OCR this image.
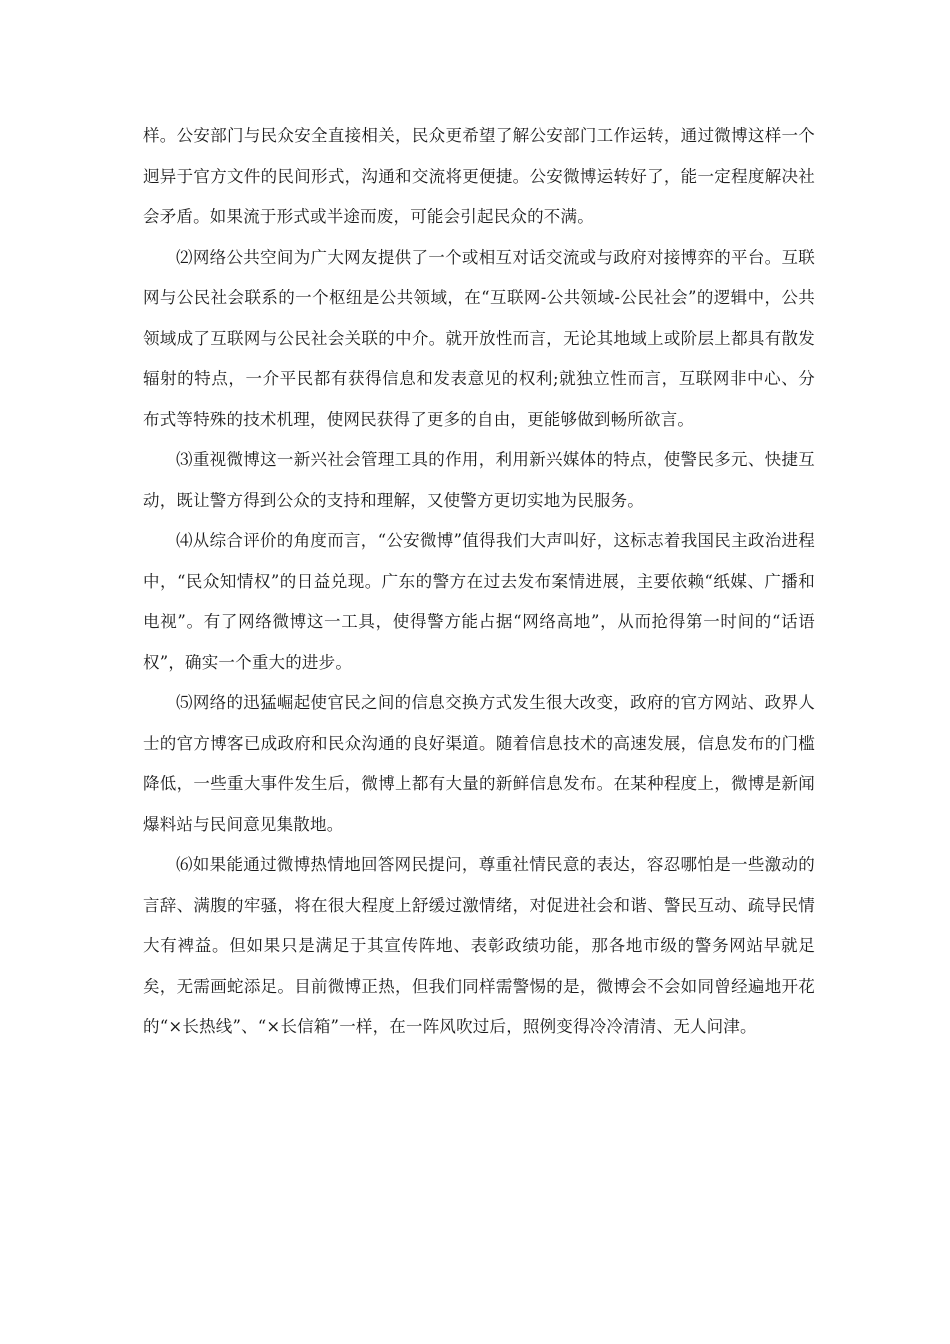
样。公安部门与民众安全直接相关，民众更希望了解公安部门工作运转，通过微博这样一个迥异于官方文件的民间形式，沟通和交流将更便捷。公安微博运转好了，能一定程度解决社会矛盾。如果流于形式或半途而废，可能会引起民众的不满。

⑵网络公共空间为广大网友提供了一个或相互对话交流或与政府对接博弈的平台。互联网与公民社会联系的一个枢纽是公共领域，在“互联网-公共领域-公民社会”的逻辑中，公共领域成了互联网与公民社会关联的中介。就开放性而言，无论其地域上或阶层上都具有散发辐射的特点，一介平民都有获得信息和发表意见的权利;就独立性而言，互联网非中心、分布式等特殊的技术机理，使网民获得了更多的自由，更能够做到畅所欲言。

⑶重视微博这一新兴社会管理工具的作用，利用新兴媒体的特点，使警民多元、快捷互动，既让警方得到公众的支持和理解，又使警方更切实地为民服务。

⑷从综合评价的角度而言，“公安微博”值得我们大声叫好，这标志着我国民主政治进程中，“民众知情权”的日益兑现。广东的警方在过去发布案情进展，主要依赖“纸媒、广播和电视”。有了网络微博这一工具，使得警方能占据“网络高地”，从而抢得第一时间的“话语权”，确实一个重大的进步。

⑸网络的迅猛崛起使官民之间的信息交换方式发生很大改变，政府的官方网站、政界人士的官方博客已成政府和民众沟通的良好渠道。随着信息技术的高速发展，信息发布的门槛降低，一些重大事件发生后，微博上都有大量的新鲜信息发布。在某种程度上，微博是新闻爆料站与民间意见集散地。

⑹如果能通过微博热情地回答网民提问，尊重社情民意的表达，容忍哪怕是一些激动的言辞、满腹的牢骚，将在很大程度上舒缓过激情绪，对促进社会和谐、警民互动、疏导民情大有裨益。但如果只是满足于其宣传阵地、表彰政绩功能，那各地市级的警务网站早就足矣，无需画蛇添足。目前微博正热，但我们同样需警惕的是，微博会不会如同曾经遍地开花的“×长热线”、“×长信箱”一样，在一阵风吹过后，照例变得冷冷清清、无人问津。
